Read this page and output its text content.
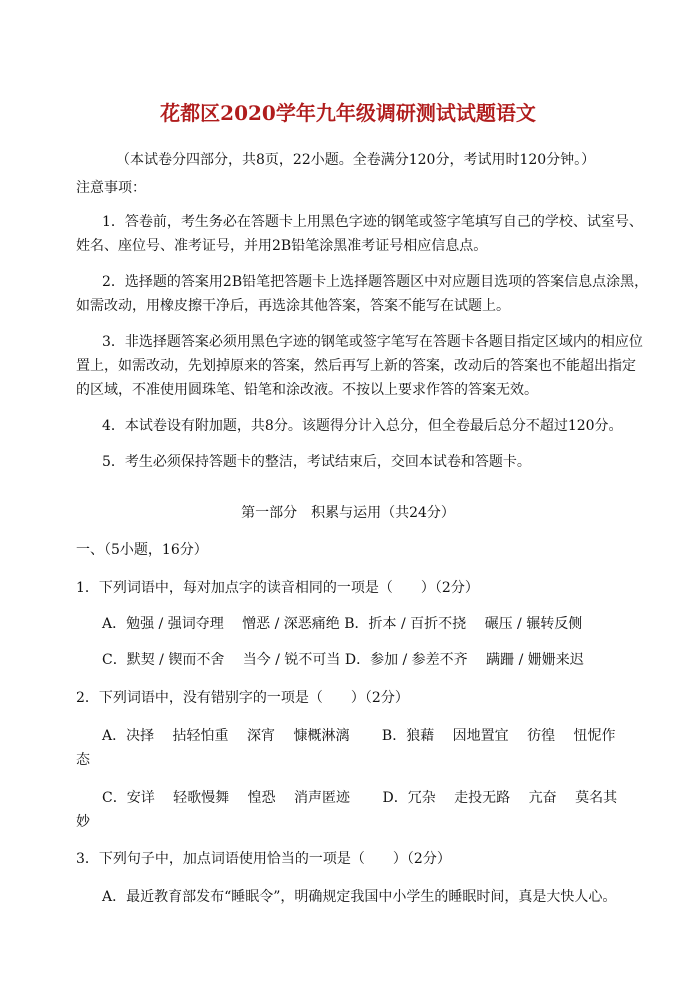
花都区2020学年九年级调研测试试题语文
（本试卷分四部分，共8页，22小题。全卷满分120分，考试用时120分钟。）
注意事项：
1．答卷前，考生务必在答题卡上用黑色字迹的钢笔或签字笔填写自己的学校、试室号、
姓名、座位号、准考证号，并用2B铅笔涂黑准考证号相应信息点。
2．选择题的答案用2B铅笔把答题卡上选择题答题区中对应题目选项的答案信息点涂黑，
如需改动，用橡皮擦干净后，再选涂其他答案，答案不能写在试题上。
3．非选择题答案必须用黑色字迹的钢笔或签字笔写在答题卡各题目指定区域内的相应位
置上，如需改动，先划掉原来的答案，然后再写上新的答案，改动后的答案也不能超出指定
的区域，不准使用圆珠笔、铅笔和涂改液。不按以上要求作答的答案无效。
4．本试卷设有附加题，共8分。该题得分计入总分，但全卷最后总分不超过120分。
5．考生必须保持答题卡的整洁，考试结束后，交回本试卷和答题卡。
第一部分　积累与运用（共24分）
一、（5小题，16分）
1．下列词语中，每对加点字的读音相同的一项是（　　）（2分）
A．勉强 / 强词夺理　 憎恶 / 深恶痛绝 B．折本 / 百折不挠　 碾压 / 辗转反侧
C．默契 / 锲而不舍　 当今 / 锐不可当 D．参加 / 参差不齐　 蹒跚 / 姗姗来迟
2．下列词语中，没有错别字的一项是（　　）（2分）
A．决择　 拈轻怕重　 深宵　 慷概淋漓　　 B．狼藉　 因地置宜　 彷徨　 忸怩作
态
C．安详　 轻歌慢舞　 惶恐　 消声匿迹　　 D．冗杂　 走投无路　 亢奋　 莫名其
妙
3．下列句子中，加点词语使用恰当的一项是（　　）（2分）
A．最近教育部发布“睡眠令”，明确规定我国中小学生的睡眠时间，真是大快人心。
